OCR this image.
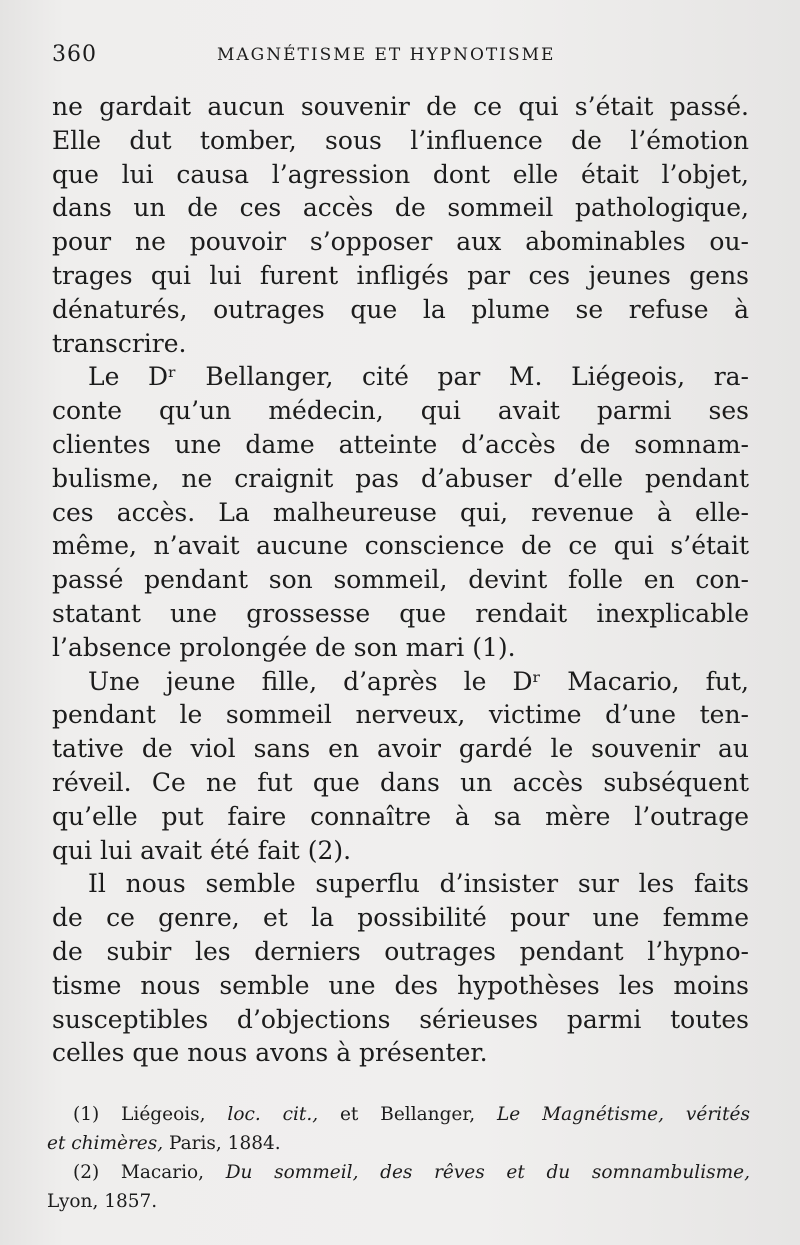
360	MAGNÉTISME ET HYPNOTISME
ne gardait aucun souvenir de ce qui s’était passé.
Elle dut tomber, sous l’influence de l’émotion
que lui causa l’agression dont elle était l’objet,
dans un de ces accès de sommeil pathologique,
pour ne pouvoir s’opposer aux abominables ou-
trages qui lui furent infligés par ces jeunes gens
dénaturés, outrages que la plume se refuse à
transcrire.
Le Dʳ Bellanger, cité par M. Liégeois, ra-
conte qu’un médecin, qui avait parmi ses
clientes une dame atteinte d’accès de somnam-
bulisme, ne craignit pas d’abuser d’elle pendant
ces accès. La malheureuse qui, revenue à elle-
même, n’avait aucune conscience de ce qui s’était
passé pendant son sommeil, devint folle en con-
statant une grossesse que rendait inexplicable
l’absence prolongée de son mari (1).
Une jeune fille, d’après le Dʳ Macario, fut,
pendant le sommeil nerveux, victime d’une ten-
tative de viol sans en avoir gardé le souvenir au
réveil. Ce ne fut que dans un accès subséquent
qu’elle put faire connaître à sa mère l’outrage
qui lui avait été fait (2).
Il nous semble superflu d’insister sur les faits
de ce genre, et la possibilité pour une femme
de subir les derniers outrages pendant l’hypno-
tisme nous semble une des hypothèses les moins
susceptibles d’objections sérieuses parmi toutes
celles que nous avons à présenter.
(1) Liégeois, loc. cit., et Bellanger, Le Magnétisme, vérités
et chimères, Paris, 1884.
(2) Macario, Du sommeil, des rêves et du somnambulisme,
Lyon, 1857.
